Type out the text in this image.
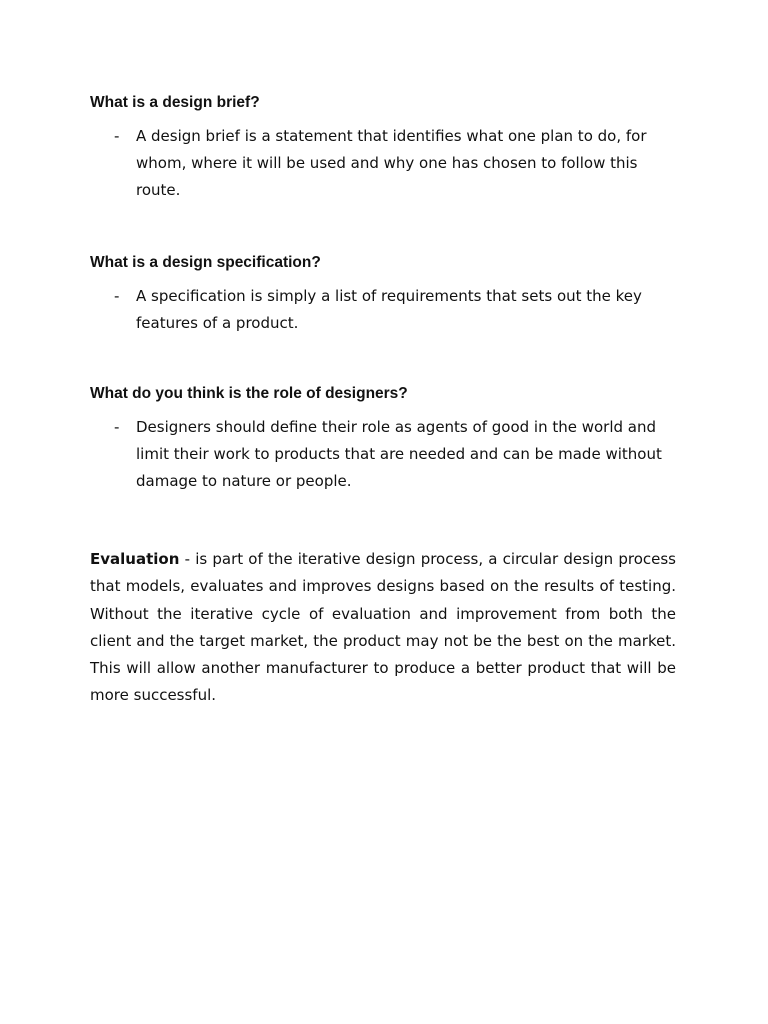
What is a design brief?

-	A design brief is a statement that identifies what one plan to do, for whom, where it will be used and why one has chosen to follow this route.

What is a design specification?

-	A specification is simply a list of requirements that sets out the key features of a product.

What do you think is the role of designers?

-	Designers should define their role as agents of good in the world and limit their work to products that are needed and can be made without damage to nature or people.

Evaluation - is part of the iterative design process, a circular design process that models, evaluates and improves designs based on the results of testing. Without the iterative cycle of evaluation and improvement from both the client and the target market, the product may not be the best on the market. This will allow another manufacturer to produce a better product that will be more successful.
